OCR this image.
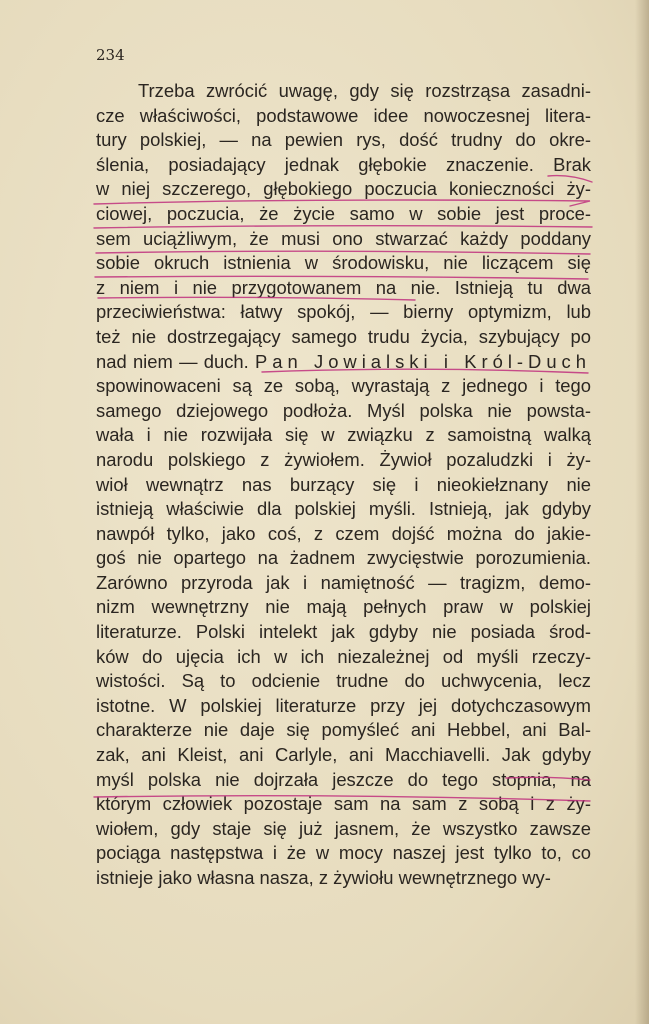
234
Trzeba zwrócić uwagę, gdy się rozstrząsa zasadni-
cze właściwości, podstawowe idee nowoczesnej litera-
tury polskiej, — na pewien rys, dość trudny do okre-
ślenia, posiadający jednak głębokie znaczenie. Brak
w niej szczerego, głębokiego poczucia konieczności ży-
ciowej, poczucia, że życie samo w sobie jest proce-
sem uciążliwym, że musi ono stwarzać każdy poddany
sobie okruch istnienia w środowisku, nie liczącem się
z niem i nie przygotowanem na nie. Istnieją tu dwa
przeciwieństwa: łatwy spokój, — bierny optymizm, lub
też nie dostrzegający samego trudu życia, szybujący po
nad niem — duch. Pan Jowialski i Król-Duch
spowinowaceni są ze sobą, wyrastają z jednego i tego
samego dziejowego podłoża. Myśl polska nie powsta-
wała i nie rozwijała się w związku z samoistną walką
narodu polskiego z żywiołem. Żywioł pozaludzki i ży-
wioł wewnątrz nas burzący się i nieokiełznany nie
istnieją właściwie dla polskiej myśli. Istnieją, jak gdyby
nawpół tylko, jako coś, z czem dojść można do jakie-
goś nie opartego na żadnem zwycięstwie porozumienia.
Zarówno przyroda jak i namiętność — tragizm, demo-
nizm wewnętrzny nie mają pełnych praw w polskiej
literaturze. Polski intelekt jak gdyby nie posiada środ-
ków do ujęcia ich w ich niezależnej od myśli rzeczy-
wistości. Są to odcienie trudne do uchwycenia, lecz
istotne. W polskiej literaturze przy jej dotychczasowym
charakterze nie daje się pomyśleć ani Hebbel, ani Bal-
zak, ani Kleist, ani Carlyle, ani Macchiavelli. Jak gdyby
myśl polska nie dojrzała jeszcze do tego stopnia, na
którym człowiek pozostaje sam na sam z sobą i z ży-
wiołem, gdy staje się już jasnem, że wszystko zawsze
pociąga następstwa i że w mocy naszej jest tylko to, co
istnieje jako własna nasza, z żywiołu wewnętrznego wy-
